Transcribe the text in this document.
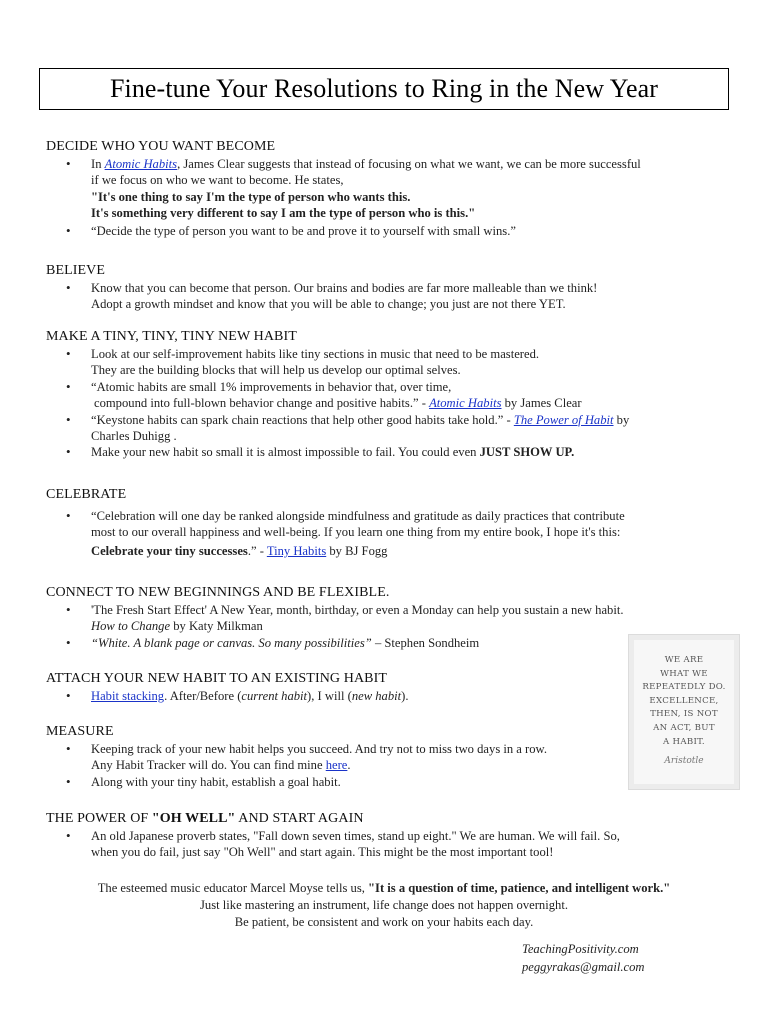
Fine-tune Your Resolutions to Ring in the New Year
DECIDE WHO YOU WANT BECOME
• In Atomic Habits, James Clear suggests that instead of focusing on what we want, we can be more successful
if we focus on who we want to become. He states,
"It's one thing to say I'm the type of person who wants this.
It's something very different to say I am the type of person who is this."
• “Decide the type of person you want to be and prove it to yourself with small wins.”
BELIEVE
• Know that you can become that person. Our brains and bodies are far more malleable than we think!
Adopt a growth mindset and know that you will be able to change; you just are not there YET.
MAKE A TINY, TINY, TINY NEW HABIT
• Look at our self-improvement habits like tiny sections in music that need to be mastered.
They are the building blocks that will help us develop our optimal selves.
• “Atomic habits are small 1% improvements in behavior that, over time,
compound into full-blown behavior change and positive habits.” - Atomic Habits by James Clear
• “Keystone habits can spark chain reactions that help other good habits take hold.” - The Power of Habit by
Charles Duhigg .
• Make your new habit so small it is almost impossible to fail. You could even JUST SHOW UP.
CELEBRATE
• “Celebration will one day be ranked alongside mindfulness and gratitude as daily practices that contribute
most to our overall happiness and well-being. If you learn one thing from my entire book, I hope it's this:
Celebrate your tiny successes.” - Tiny Habits by BJ Fogg
CONNECT TO NEW BEGINNINGS AND BE FLEXIBLE.
• 'The Fresh Start Effect' A New Year, month, birthday, or even a Monday can help you sustain a new habit.
How to Change by Katy Milkman
• “White. A blank page or canvas. So many possibilities” – Stephen Sondheim
ATTACH YOUR NEW HABIT TO AN EXISTING HABIT
• Habit stacking. After/Before (current habit), I will (new habit).
MEASURE
• Keeping track of your new habit helps you succeed. And try not to miss two days in a row.
Any Habit Tracker will do. You can find mine here.
• Along with your tiny habit, establish a goal habit.
THE POWER OF "OH WELL" AND START AGAIN
• An old Japanese proverb states, "Fall down seven times, stand up eight." We are human. We will fail. So,
when you do fail, just say "Oh Well" and start again. This might be the most important tool!
The esteemed music educator Marcel Moyse tells us, "It is a question of time, patience, and intelligent work."
Just like mastering an instrument, life change does not happen overnight.
Be patient, be consistent and work on your habits each day.
TeachingPositivity.com
peggyrakas@gmail.com
WE ARE
WHAT WE
REPEATEDLY DO.
EXCELLENCE,
THEN, IS NOT
AN ACT, BUT
A HABIT.
Aristotle
